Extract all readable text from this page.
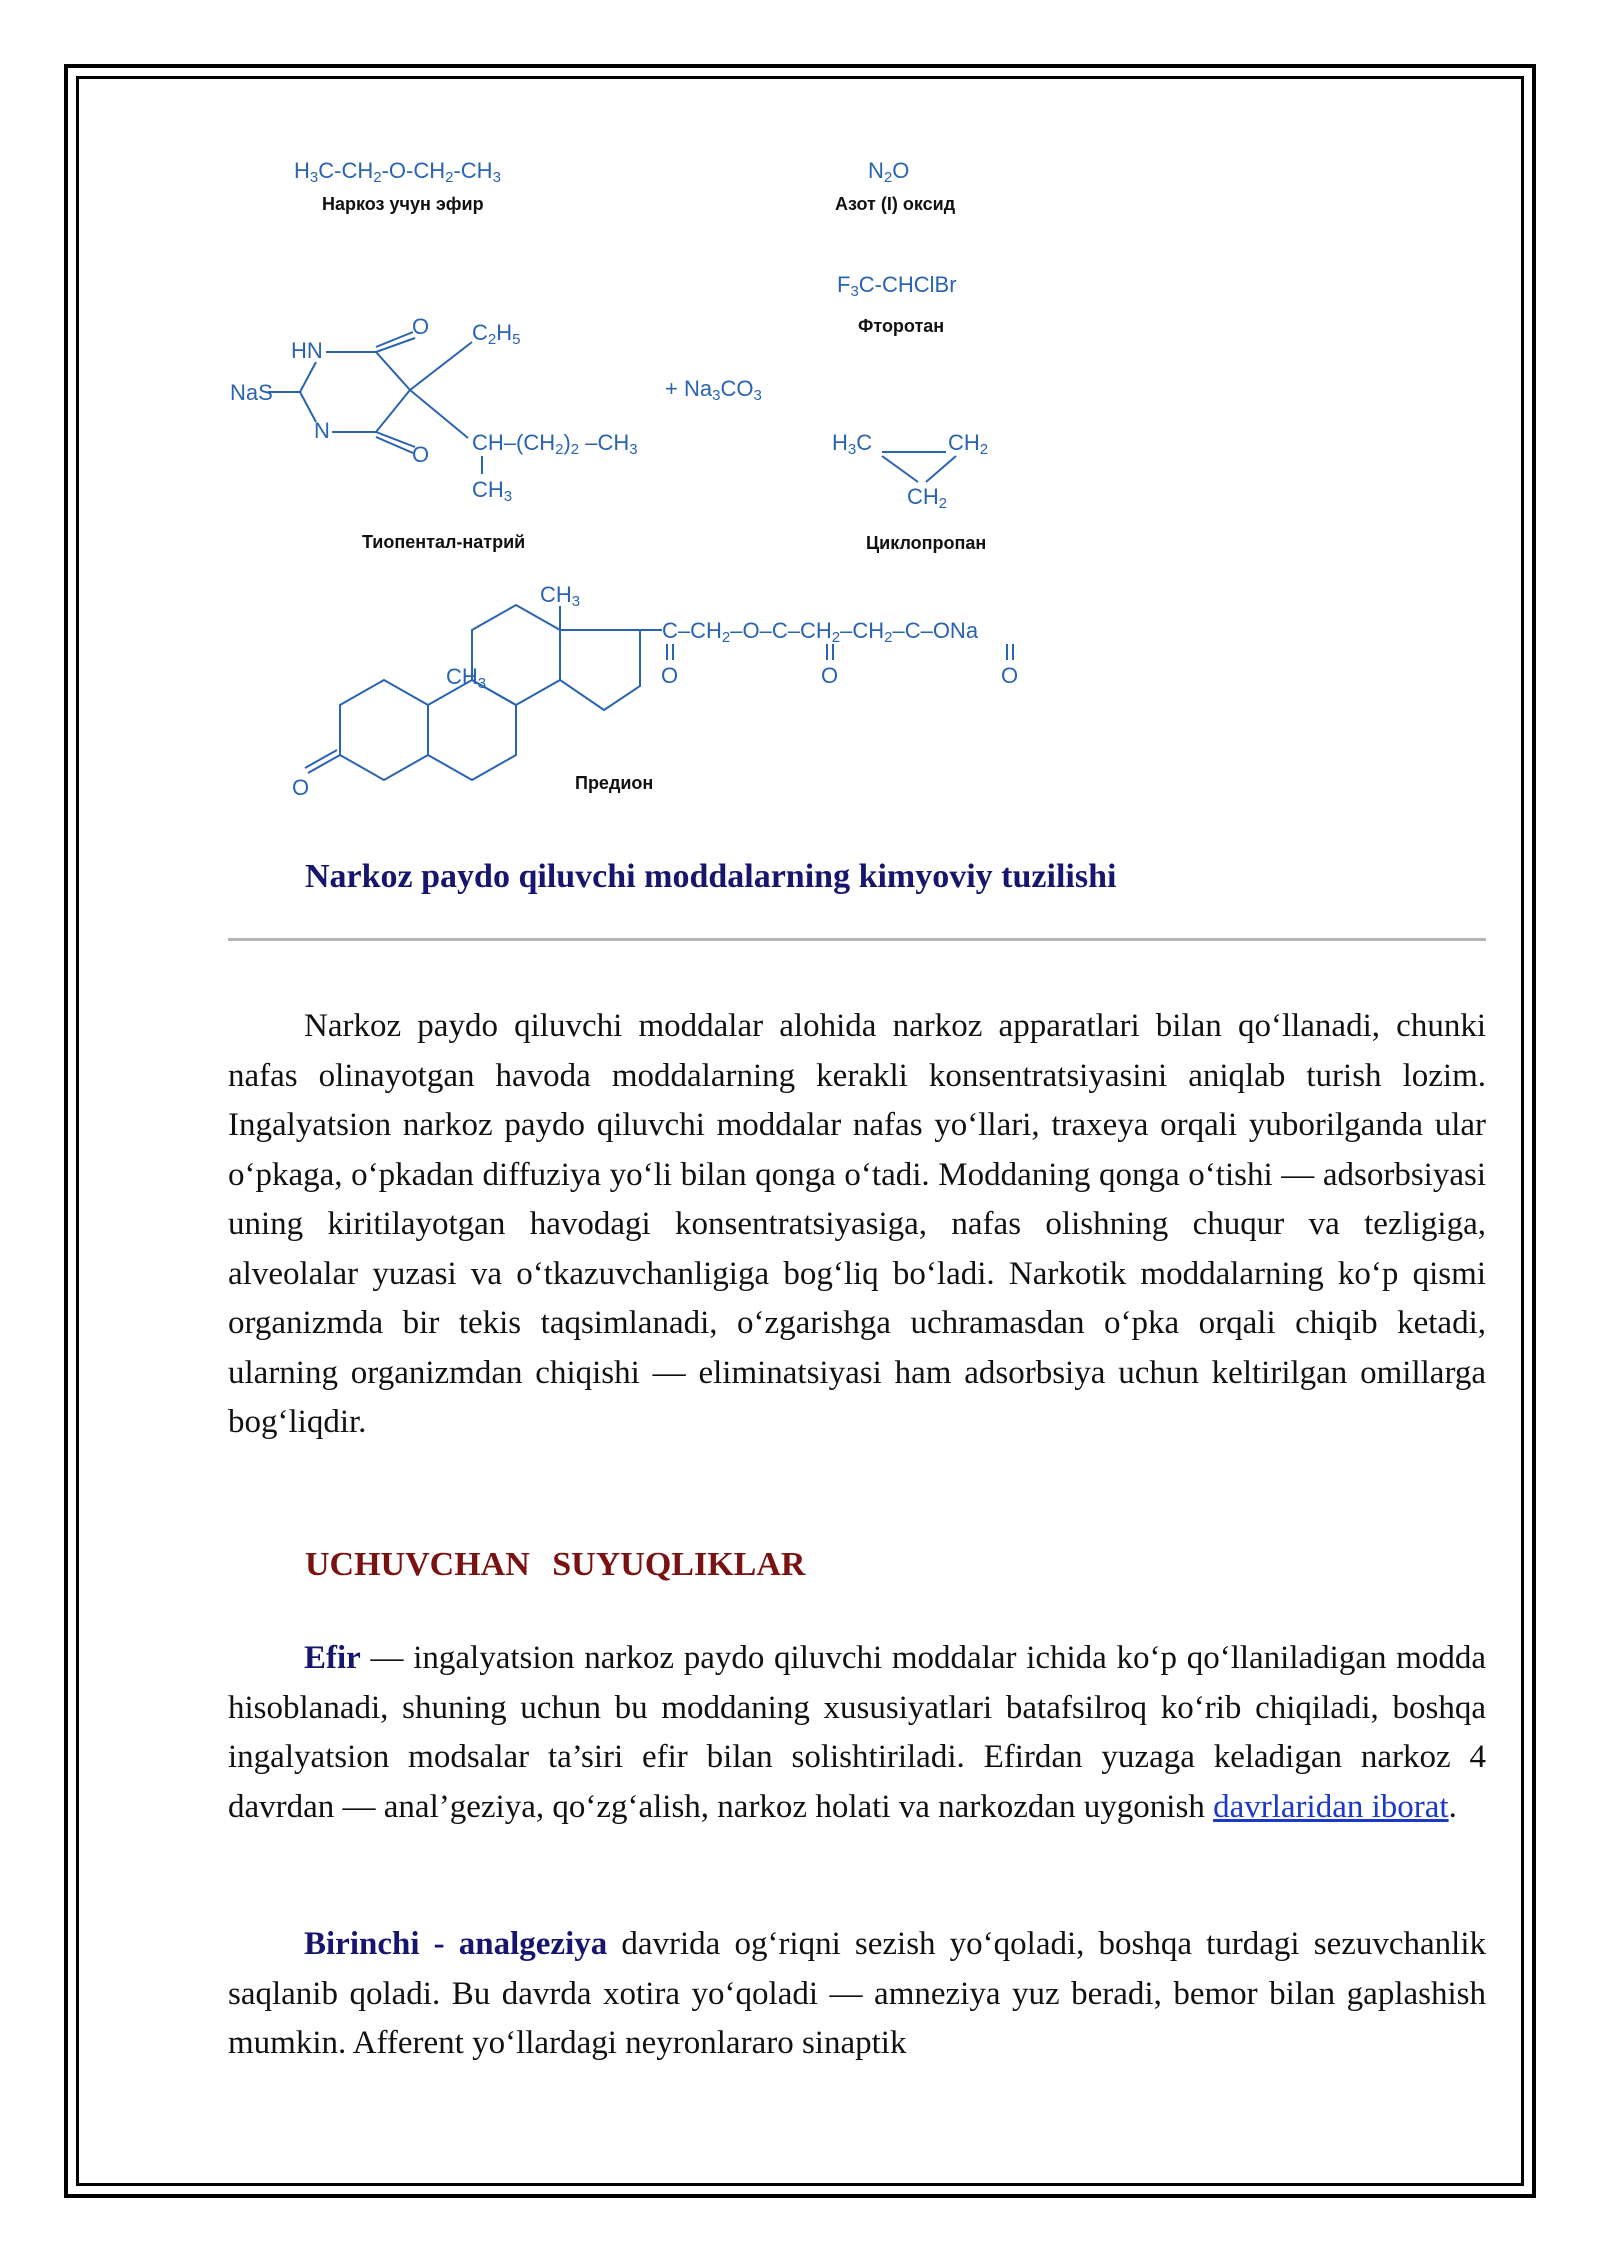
H3C-CH2-O-CH2-CH3
Наркоз учун эфир
N2O
Азот (I) оксид
F3C-CHClBr
Фторотан
HN
NaS
N
O
O
C2H5
CH–(CH2)2 –CH3
CH3
+ Na3CO3
Тиопентал-натрий
H3C	CH2
CH2
Циклопропан
O
CH3
CH3
C–CH2–O–C–CH2–CH2–C–ONa
O	O	O
Предион
Narkoz paydo qiluvchi moddalarning kimyoviy tuzilishi

Narkoz paydo qiluvchi moddalar alohida narkoz apparatlari bilan qo‘llanadi, chunki nafas olinayotgan havoda moddalarning kerakli konsentratsiyasini aniqlab turish lozim. Ingalyatsion narkoz paydo qiluvchi moddalar nafas yo‘llari, traxeya orqali yuborilganda ular o‘pkaga, o‘pkadan diffuziya yo‘li bilan qonga o‘tadi. Moddaning qonga o‘tishi — adsorbsiyasi uning kiritilayotgan havodagi konsentratsiyasiga, nafas olishning chuqur va tezligiga, alveolalar yuzasi va o‘tkazuvchanligiga bog‘liq bo‘ladi. Narkotik moddalarning ko‘p qismi organizmda bir tekis taqsimlanadi, o‘zgarishga uchramasdan o‘pka orqali chiqib ketadi, ularning organizmdan chiqishi — eliminatsiyasi ham adsorbsiya uchun keltirilgan omillarga bog‘liqdir.

UCHUVCHAN SUYUQLIKLAR

Efir — ingalyatsion narkoz paydo qiluvchi moddalar ichida ko‘p qo‘llaniladigan modda hisoblanadi, shuning uchun bu moddaning xususiyatlari batafsilroq ko‘rib chiqiladi, boshqa ingalyatsion modsalar ta’siri efir bilan solishtiriladi. Efirdan yuzaga keladigan narkoz 4 davrdan — anal’geziya, qo‘zg‘alish, narkoz holati va narkozdan uygonish davrlaridan iborat.

Birinchi - analgeziya davrida og‘riqni sezish yo‘qoladi, boshqa turdagi sezuvchanlik saqlanib qoladi. Bu davrda xotira yo‘qoladi — amneziya yuz beradi, bemor bilan gaplashish mumkin. Afferent yo‘llardagi neyronlararo sinaptik
